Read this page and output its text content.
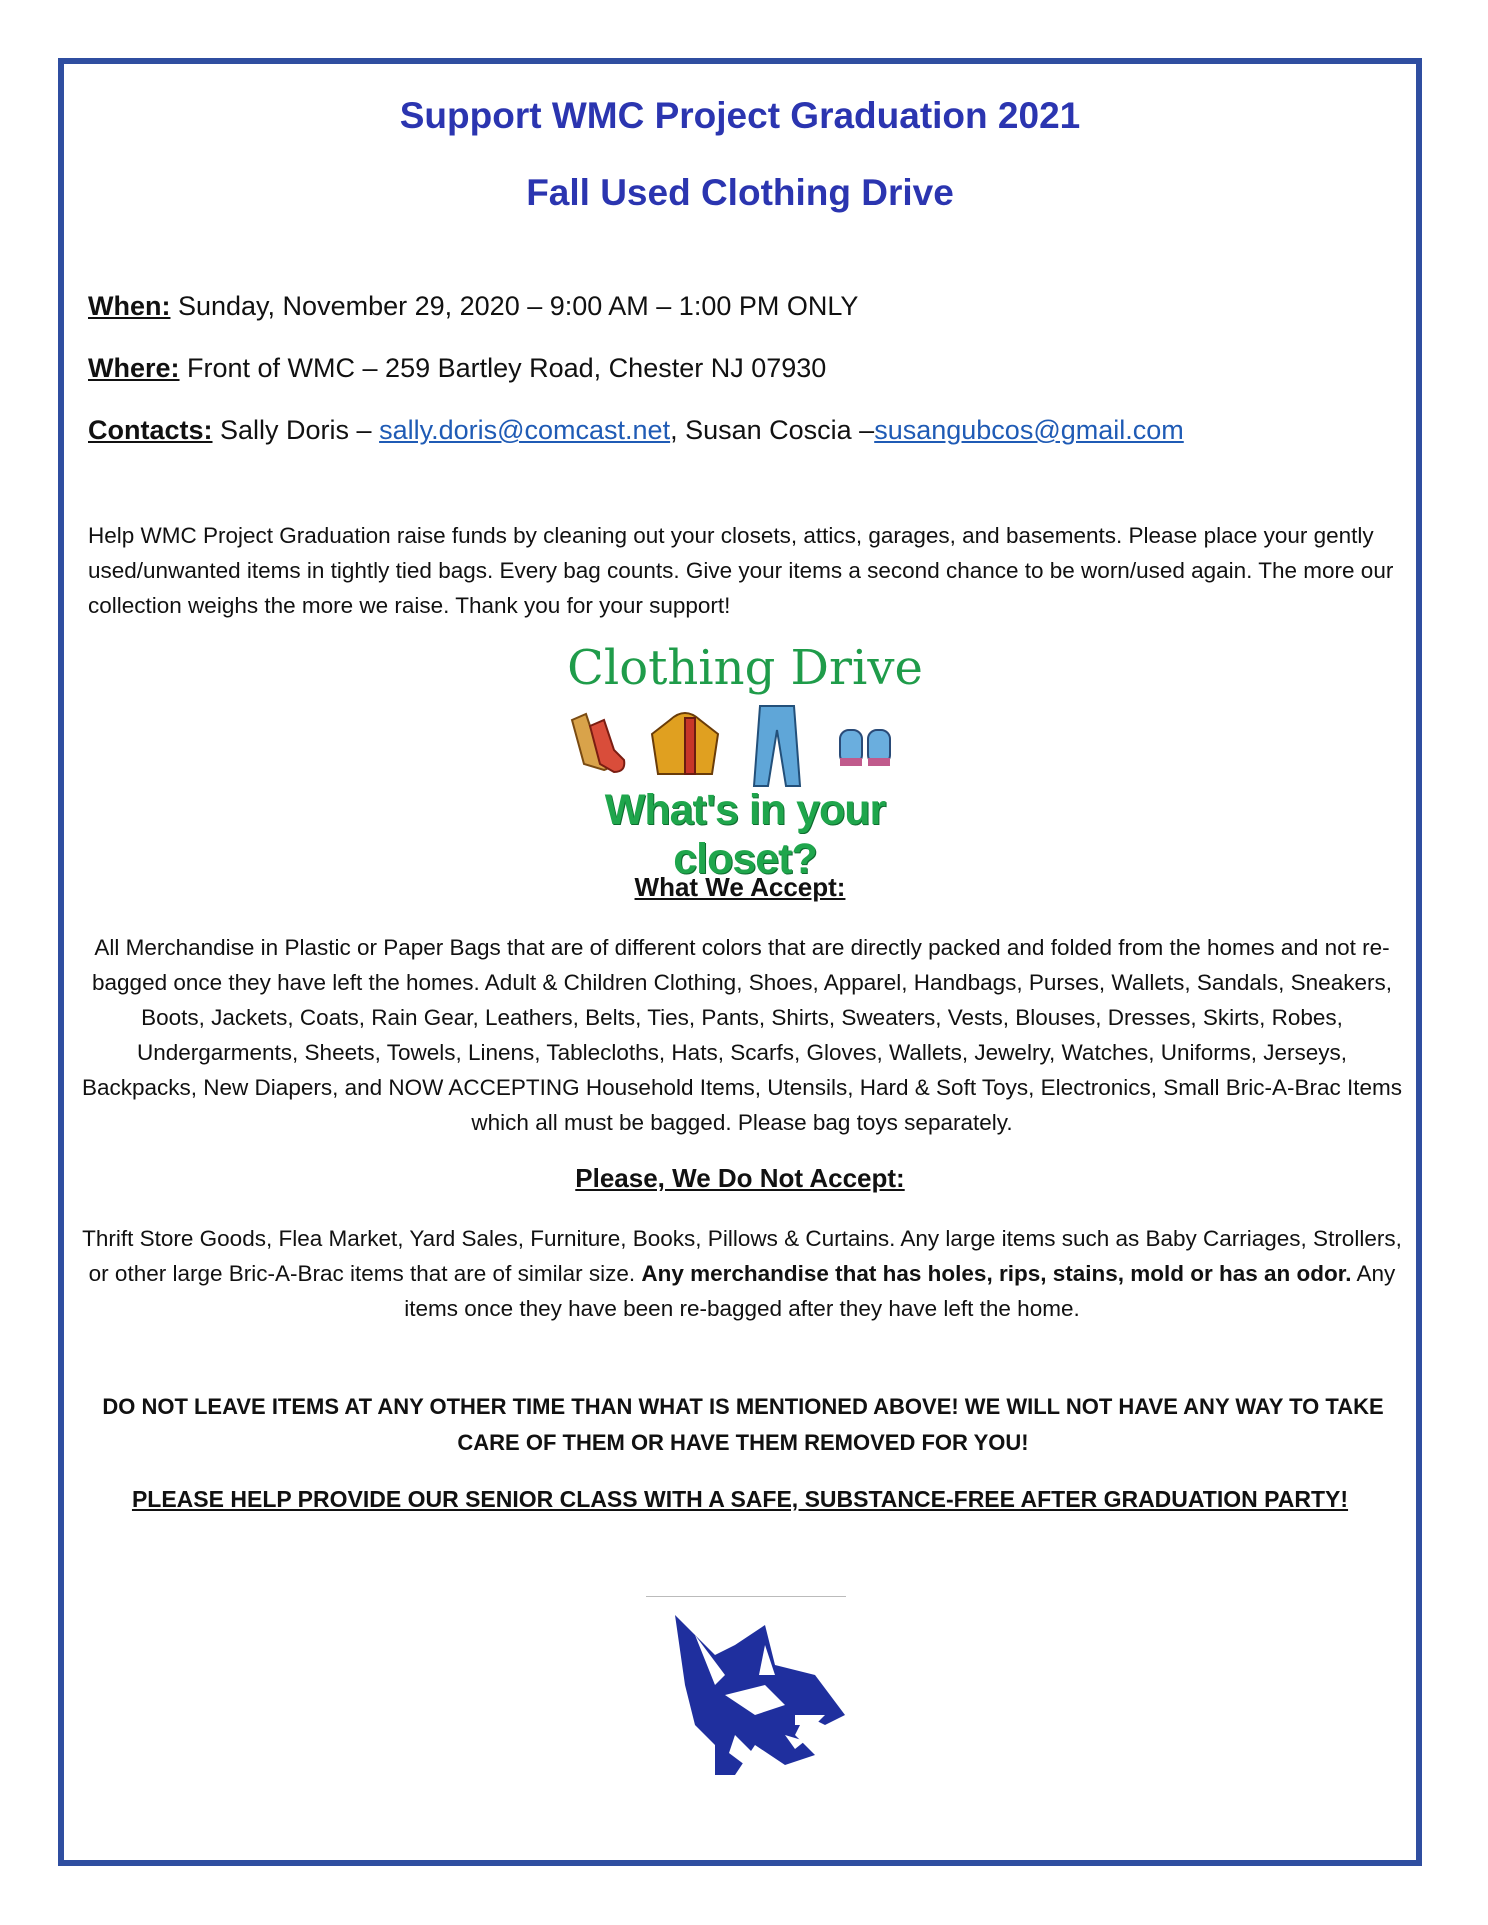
Support WMC Project Graduation 2021
Fall Used Clothing Drive
When: Sunday, November 29, 2020 – 9:00 AM – 1:00 PM ONLY
Where: Front of WMC – 259 Bartley Road, Chester NJ 07930
Contacts: Sally Doris – sally.doris@comcast.net, Susan Coscia –susangubcos@gmail.com
Help WMC Project Graduation raise funds by cleaning out your closets, attics, garages, and basements. Please place your gently used/unwanted items in tightly tied bags. Every bag counts. Give your items a second chance to be worn/used again. The more our collection weighs the more we raise. Thank you for your support!
Clothing Drive
What's in your closet?
What We Accept:
All Merchandise in Plastic or Paper Bags that are of different colors that are directly packed and folded from the homes and not re-bagged once they have left the homes. Adult & Children Clothing, Shoes, Apparel, Handbags, Purses, Wallets, Sandals, Sneakers, Boots, Jackets, Coats, Rain Gear, Leathers, Belts, Ties, Pants, Shirts, Sweaters, Vests, Blouses, Dresses, Skirts, Robes, Undergarments, Sheets, Towels, Linens, Tablecloths, Hats, Scarfs, Gloves, Wallets, Jewelry, Watches, Uniforms, Jerseys, Backpacks, New Diapers, and NOW ACCEPTING Household Items, Utensils, Hard & Soft Toys, Electronics, Small Bric-A-Brac Items which all must be bagged. Please bag toys separately.
Please, We Do Not Accept:
Thrift Store Goods, Flea Market, Yard Sales, Furniture, Books, Pillows & Curtains. Any large items such as Baby Carriages, Strollers, or other large Bric-A-Brac items that are of similar size. Any merchandise that has holes, rips, stains, mold or has an odor. Any items once they have been re-bagged after they have left the home.
DO NOT LEAVE ITEMS AT ANY OTHER TIME THAN WHAT IS MENTIONED ABOVE! WE WILL NOT HAVE ANY WAY TO TAKE CARE OF THEM OR HAVE THEM REMOVED FOR YOU!
PLEASE HELP PROVIDE OUR SENIOR CLASS WITH A SAFE, SUBSTANCE-FREE AFTER GRADUATION PARTY!
